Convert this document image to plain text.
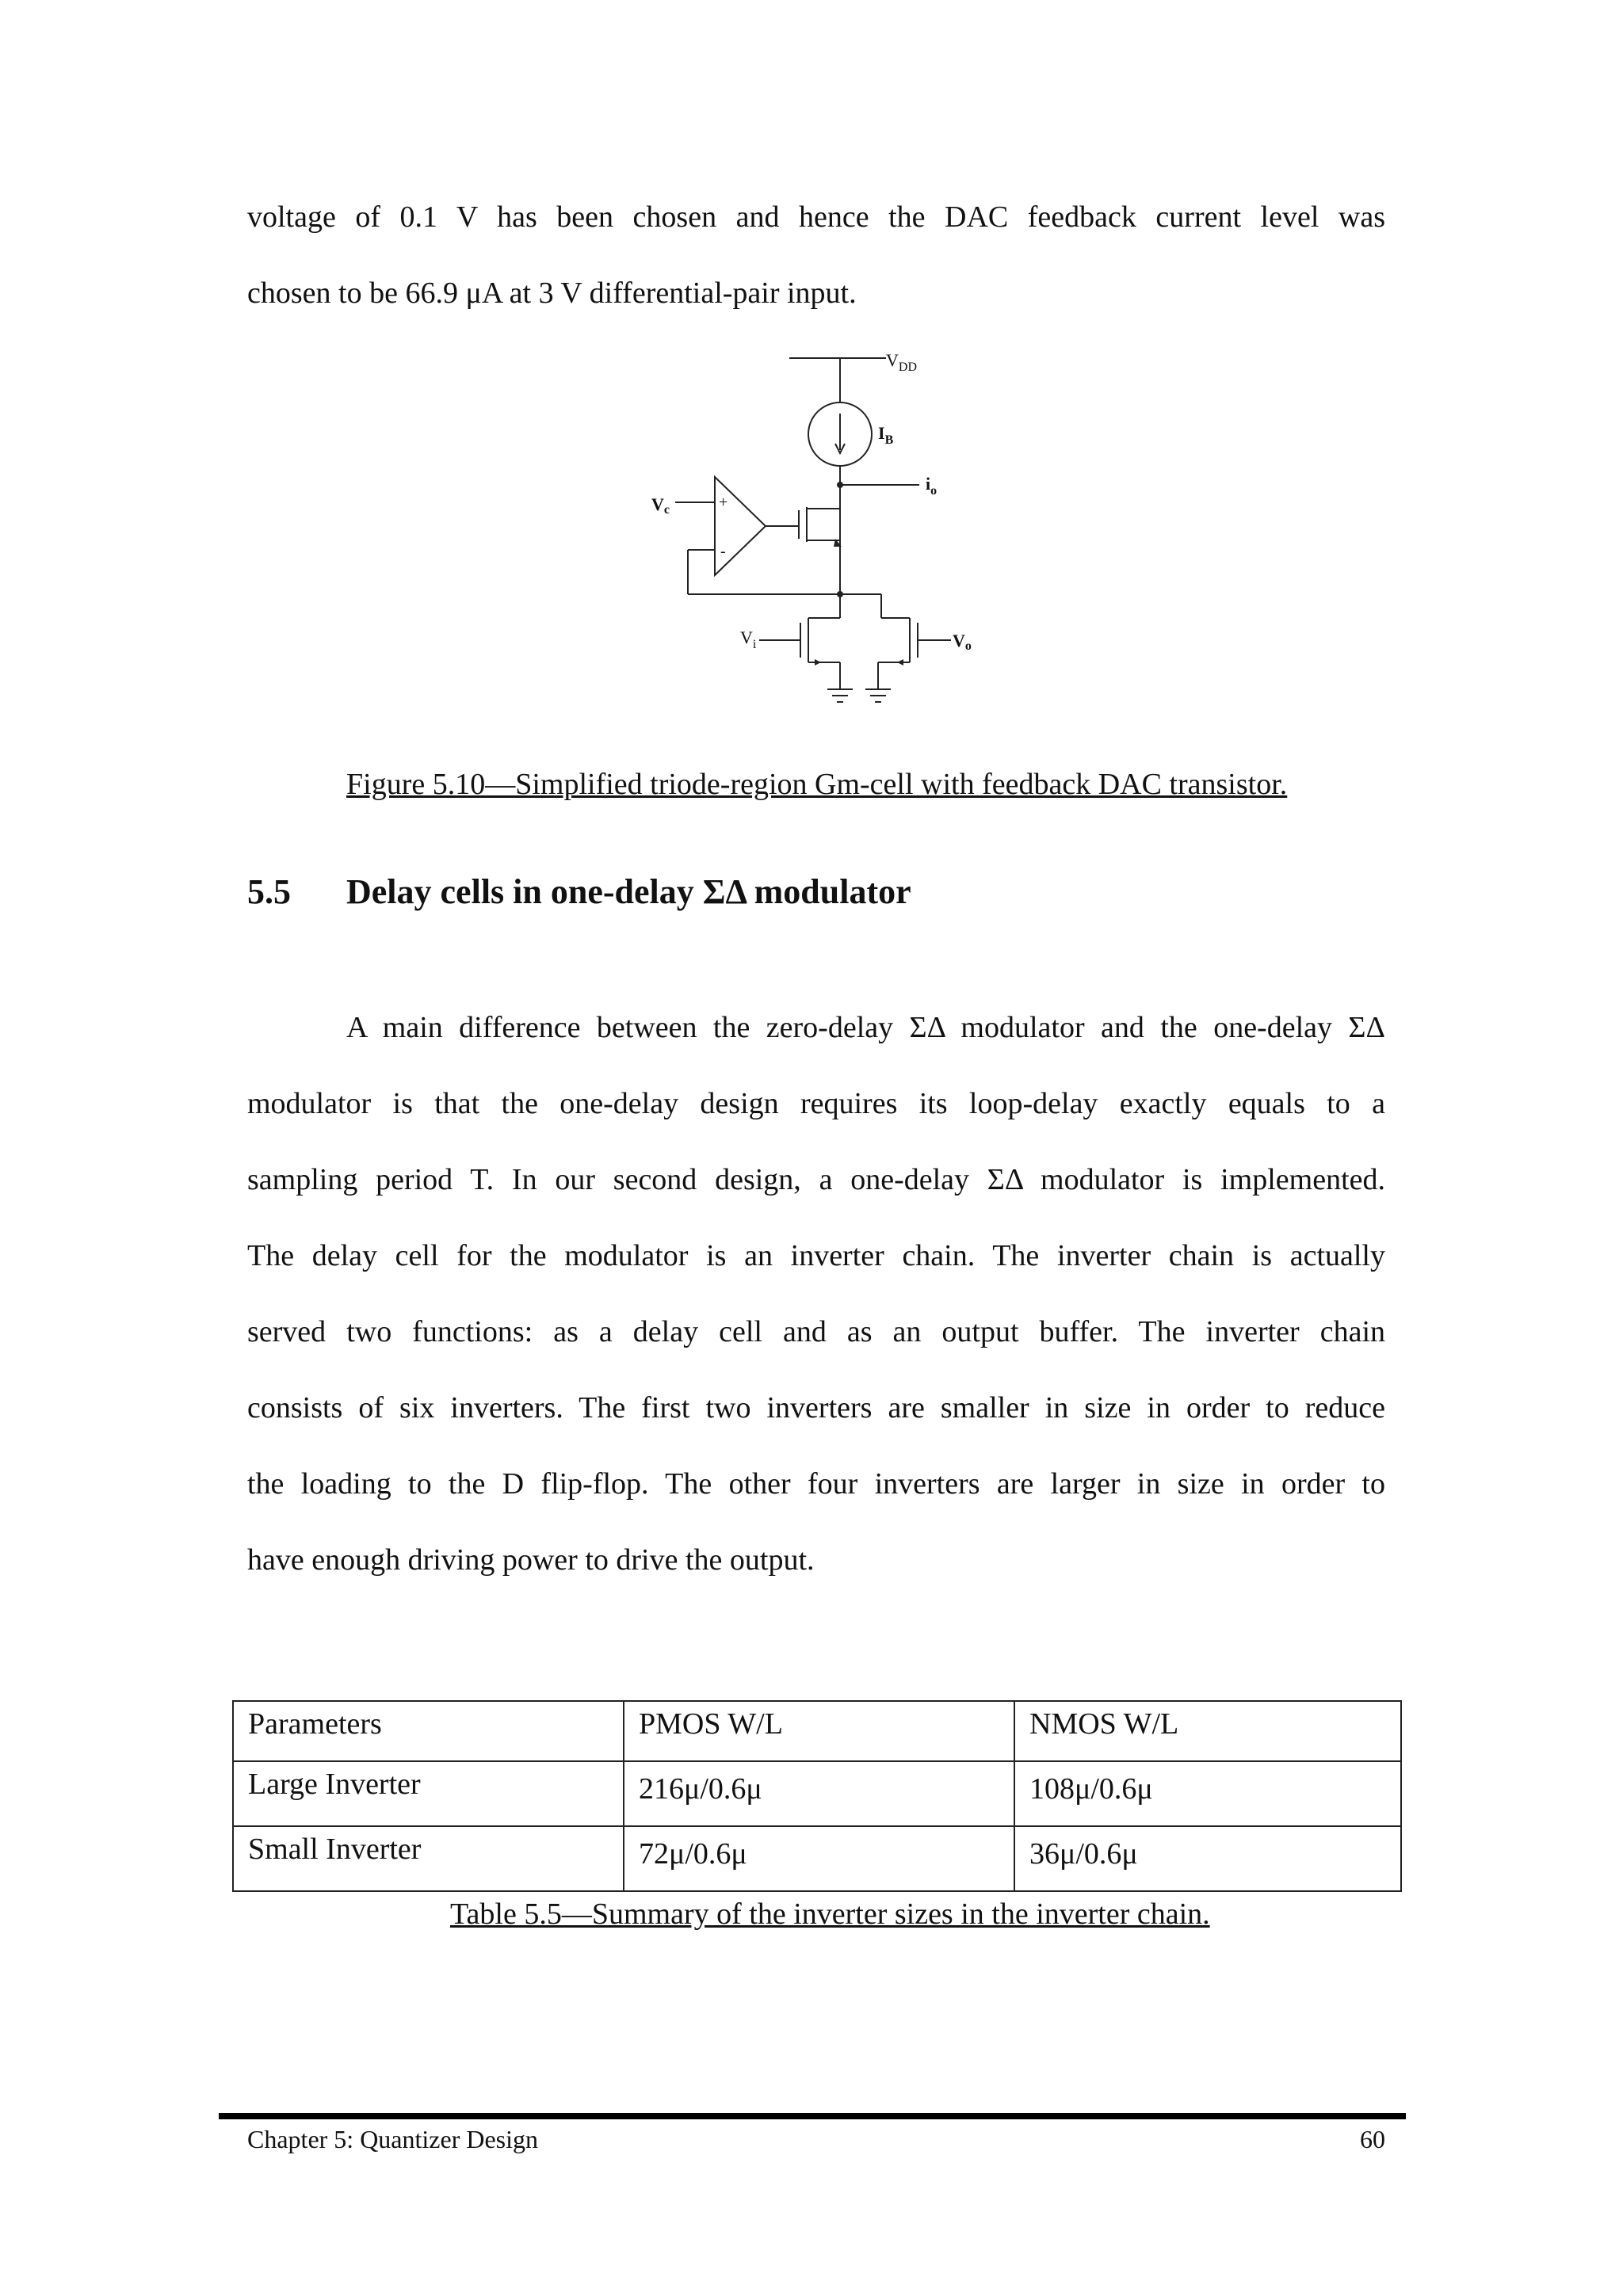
voltage of 0.1 V has been chosen and hence the DAC feedback current level was
chosen to be 66.9 μA at 3 V differential-pair input.
$V_{DD}$
$I_B$
$i_o$
Vc	+
-
$V_i$	Vo
Figure 5.10—Simplified triode-region Gm-cell with feedback DAC transistor.
5.5 Delay cells in one-delay ΣΔ modulator
A main difference between the zero-delay ΣΔ modulator and the one-delay ΣΔ
modulator is that the one-delay design requires its loop-delay exactly equals to a
sampling period T. In our second design, a one-delay ΣΔ modulator is implemented.
The delay cell for the modulator is an inverter chain. The inverter chain is actually
served two functions: as a delay cell and as an output buffer. The inverter chain
consists of six inverters. The first two inverters are smaller in size in order to reduce
the loading to the D flip-flop. The other four inverters are larger in size in order to
have enough driving power to drive the output.
Parameters	PMOS W/L	NMOS W/L
Large Inverter	216μ/0.6μ	108μ/0.6μ
Small Inverter	72μ/0.6μ	36μ/0.6μ
Table 5.5—Summary of the inverter sizes in the inverter chain.
Chapter 5: Quantizer Design	60
